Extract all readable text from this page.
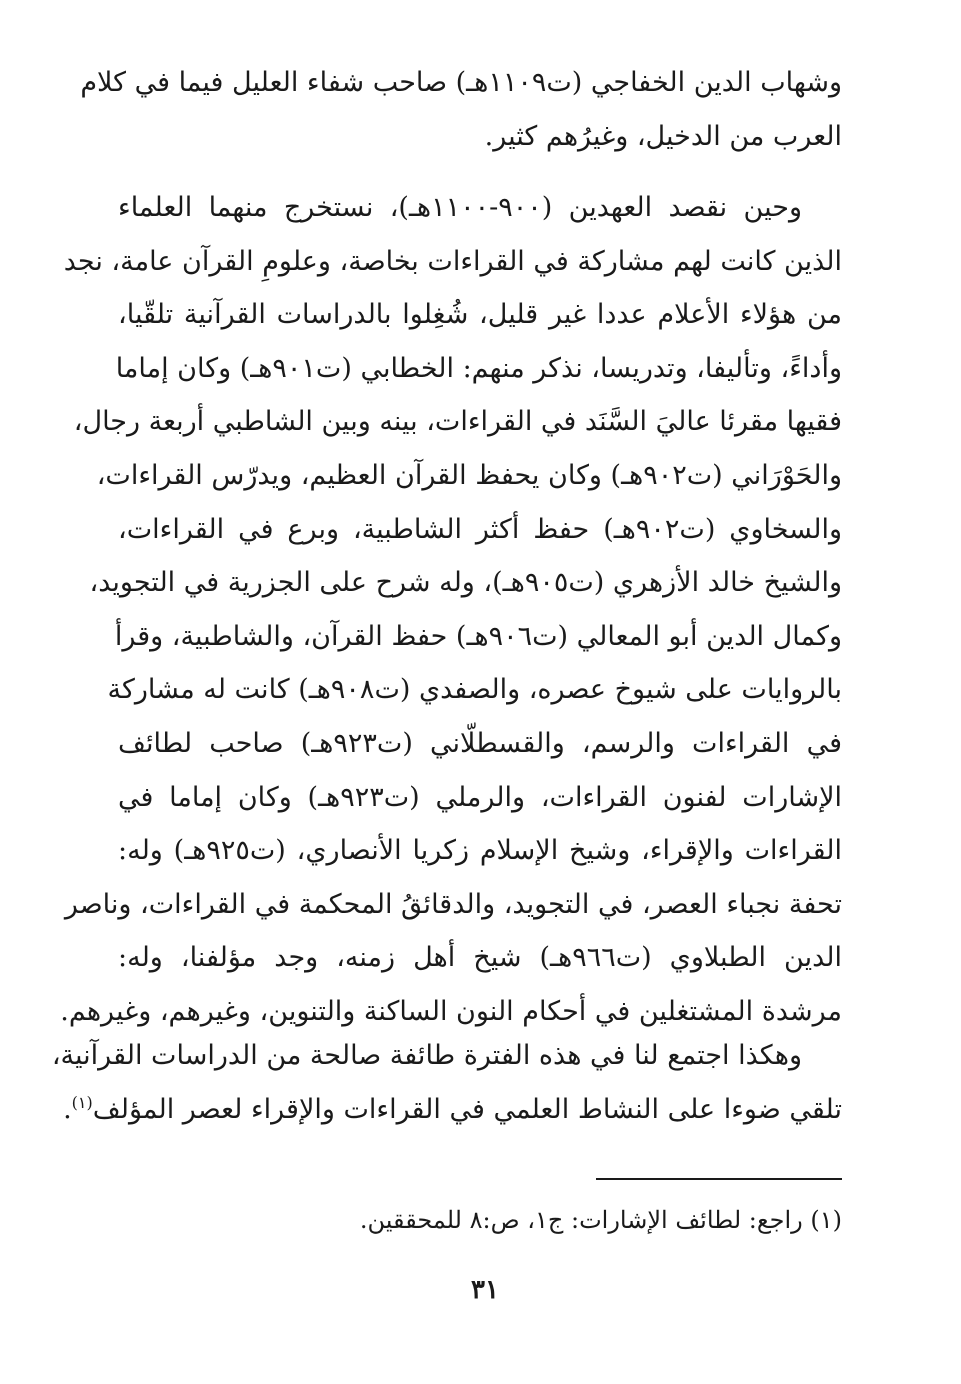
وشهاب الدين الخفاجي (ت١١٠٩هـ) صاحب شفاء العليل فيما في كلام
العرب من الدخيل، وغيرُهم كثير.
وحين نقصد العهدين (٩٠٠-١١٠٠هـ)، نستخرج منهما العلماء
الذين كانت لهم مشاركة في القراءات بخاصة، وعلومِ القرآن عامة، نجد
من هؤلاء الأعلام عددا غير قليل، شُغِلوا بالدراسات القرآنية تلقّيا،
وأداءً، وتأليفا، وتدريسا، نذكر منهم: الخطابي (ت٩٠١هـ) وكان إماما
فقيها مقرئا عاليَ السَّنَد في القراءات، بينه وبين الشاطبي أربعة رجال،
والحَوْرَاني (ت٩٠٢هـ) وكان يحفظ القرآن العظيم، ويدرّس القراءات،
والسخاوي (ت٩٠٢هـ) حفظ أكثر الشاطبية، وبرع في القراءات،
والشيخ خالد الأزهري (ت٩٠٥هـ)، وله شرح على الجزرية في التجويد،
وكمال الدين أبو المعالي (ت٩٠٦هـ) حفظ القرآن، والشاطبية، وقرأ
بالروايات على شيوخ عصره، والصفدي (ت٩٠٨هـ) كانت له مشاركة
في القراءات والرسم، والقسطلّاني (ت٩٢٣هـ) صاحب لطائف
الإشارات لفنون القراءات، والرملي (ت٩٢٣هـ) وكان إماما في
القراءات والإقراء، وشيخ الإسلام زكريا الأنصاري، (ت٩٢٥هـ) وله:
تحفة نجباء العصر، في التجويد، والدقائقُ المحكمة في القراءات، وناصر
الدين الطبلاوي (ت٩٦٦هـ) شيخ أهل زمنه، وجد مؤلفنا، وله:
مرشدة المشتغلين في أحكام النون الساكنة والتنوين، وغيرهم، وغيرهم.
وهكذا اجتمع لنا في هذه الفترة طائفة صالحة من الدراسات القرآنية،
تلقي ضوءا على النشاط العلمي في القراءات والإقراء لعصر المؤلف$^{(١)}$.
(١) راجع: لطائف الإشارات: ج١، ص:٨ للمحققين.
٣١
